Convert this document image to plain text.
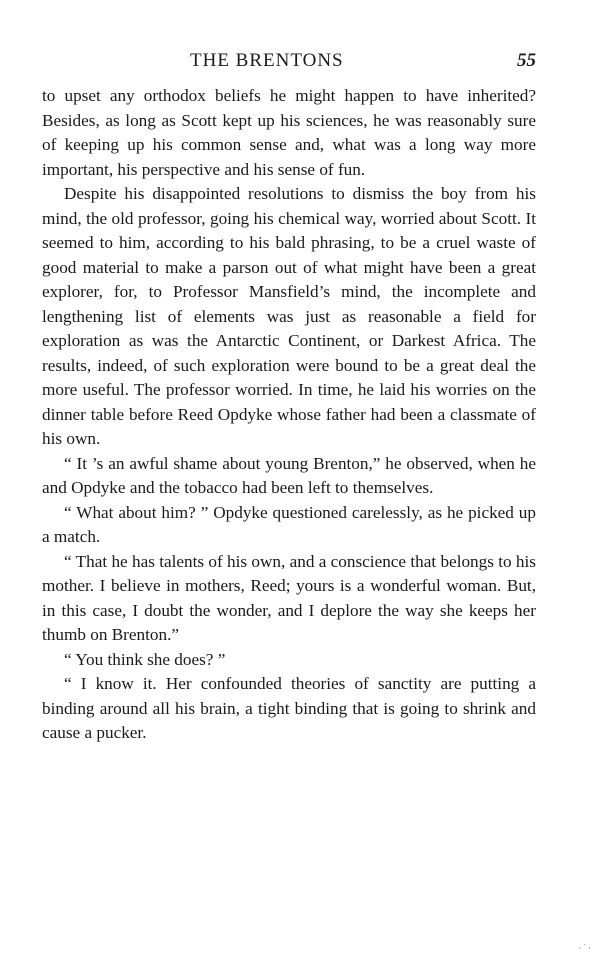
THE BRENTONS	55

to upset any orthodox beliefs he might happen to have inherited? Besides, as long as Scott kept up his sciences, he was reasonably sure of keeping up his common sense and, what was a long way more important, his perspective and his sense of fun.

Despite his disappointed resolutions to dismiss the boy from his mind, the old professor, going his chemical way, worried about Scott. It seemed to him, according to his bald phrasing, to be a cruel waste of good material to make a parson out of what might have been a great explorer, for, to Professor Mansfield’s mind, the incomplete and lengthening list of elements was just as reasonable a field for exploration as was the Antarctic Continent, or Darkest Africa. The results, indeed, of such exploration were bound to be a great deal the more useful. The professor worried. In time, he laid his worries on the dinner table before Reed Opdyke whose father had been a classmate of his own.

“ It ’s an awful shame about young Brenton,” he observed, when he and Opdyke and the tobacco had been left to themselves.

“ What about him? ” Opdyke questioned carelessly, as he picked up a match.

“ That he has talents of his own, and a conscience that belongs to his mother. I believe in mothers, Reed; yours is a wonderful woman. But, in this case, I doubt the wonder, and I deplore the way she keeps her thumb on Brenton.”

“ You think she does? ”

“ I know it. Her confounded theories of sanctity are putting a binding around all his brain, a tight binding that is going to shrink and cause a pucker.

·˙·
